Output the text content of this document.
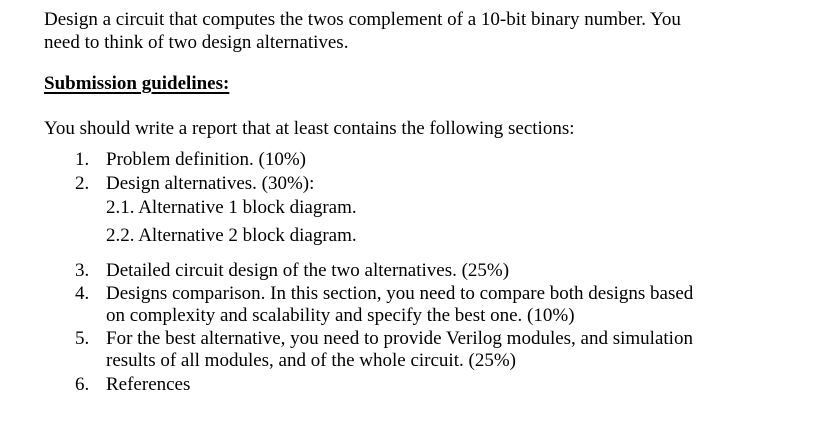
Design a circuit that computes the twos complement of a 10-bit binary number. You
need to think of two design alternatives.
Submission guidelines:
You should write a report that at least contains the following sections:
1. Problem definition. (10%)
2. Design alternatives. (30%):
2.1. Alternative 1 block diagram.
2.2. Alternative 2 block diagram.
3. Detailed circuit design of the two alternatives. (25%)
4. Designs comparison. In this section, you need to compare both designs based
on complexity and scalability and specify the best one. (10%)
5. For the best alternative, you need to provide Verilog modules, and simulation
results of all modules, and of the whole circuit. (25%)
6. References
